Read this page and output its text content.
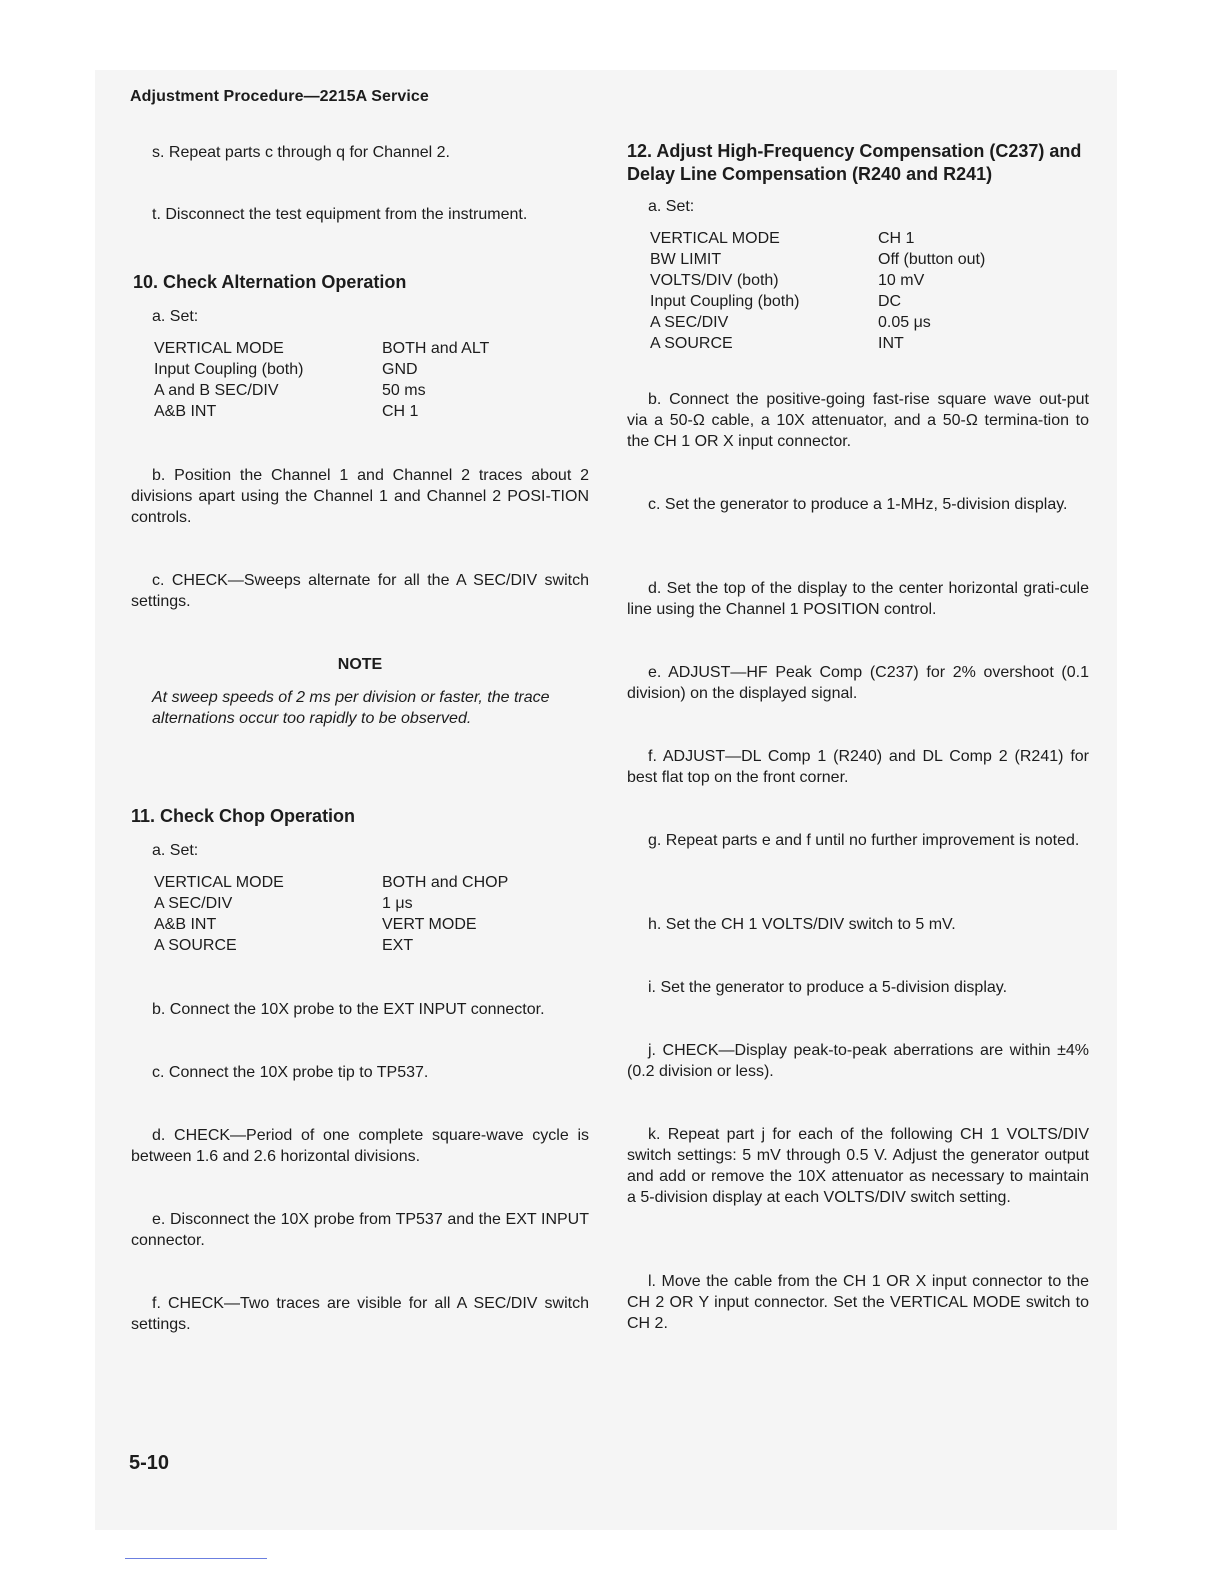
Adjustment Procedure—2215A Service

s. Repeat parts c through q for Channel 2.

t. Disconnect the test equipment from the instrument.

10. Check Alternation Operation

a. Set:

VERTICAL MODE	BOTH and ALT
Input Coupling (both)	GND
A and B SEC/DIV	50 ms
A&B INT	CH 1

b. Position the Channel 1 and Channel 2 traces about 2 divisions apart using the Channel 1 and Channel 2 POSI-TION controls.

c. CHECK—Sweeps alternate for all the A SEC/DIV switch settings.

NOTE
At sweep speeds of 2 ms per division or faster, the trace alternations occur too rapidly to be observed.
11. Check Chop Operation

a. Set:

VERTICAL MODE	BOTH and CHOP
A SEC/DIV	1 μs
A&B INT	VERT MODE
A SOURCE	EXT

b. Connect the 10X probe to the EXT INPUT connector.

c. Connect the 10X probe tip to TP537.

d. CHECK—Period of one complete square-wave cycle is between 1.6 and 2.6 horizontal divisions.

e. Disconnect the 10X probe from TP537 and the EXT INPUT connector.

f. CHECK—Two traces are visible for all A SEC/DIV switch settings.

12. Adjust High-Frequency Compensation (C237) and Delay Line Compensation (R240 and R241)

a. Set:

VERTICAL MODE	CH 1
BW LIMIT	Off (button out)
VOLTS/DIV (both)	10 mV
Input Coupling (both)	DC
A SEC/DIV	0.05 μs
A SOURCE	INT

b. Connect the positive-going fast-rise square wave out-put via a 50-Ω cable, a 10X attenuator, and a 50-Ω termina-tion to the CH 1 OR X input connector.

c. Set the generator to produce a 1-MHz, 5-division display.

d. Set the top of the display to the center horizontal grati-cule line using the Channel 1 POSITION control.

e. ADJUST—HF Peak Comp (C237) for 2% overshoot (0.1 division) on the displayed signal.

f. ADJUST—DL Comp 1 (R240) and DL Comp 2 (R241) for best flat top on the front corner.

g. Repeat parts e and f until no further improvement is noted.

h. Set the CH 1 VOLTS/DIV switch to 5 mV.

i. Set the generator to produce a 5-division display.

j. CHECK—Display peak-to-peak aberrations are within ±4% (0.2 division or less).

k. Repeat part j for each of the following CH 1 VOLTS/DIV switch settings: 5 mV through 0.5 V. Adjust the generator output and add or remove the 10X attenuator as necessary to maintain a 5-division display at each VOLTS/DIV switch setting.

l. Move the cable from the CH 1 OR X input connector to the CH 2 OR Y input connector. Set the VERTICAL MODE switch to CH 2.

5-10
